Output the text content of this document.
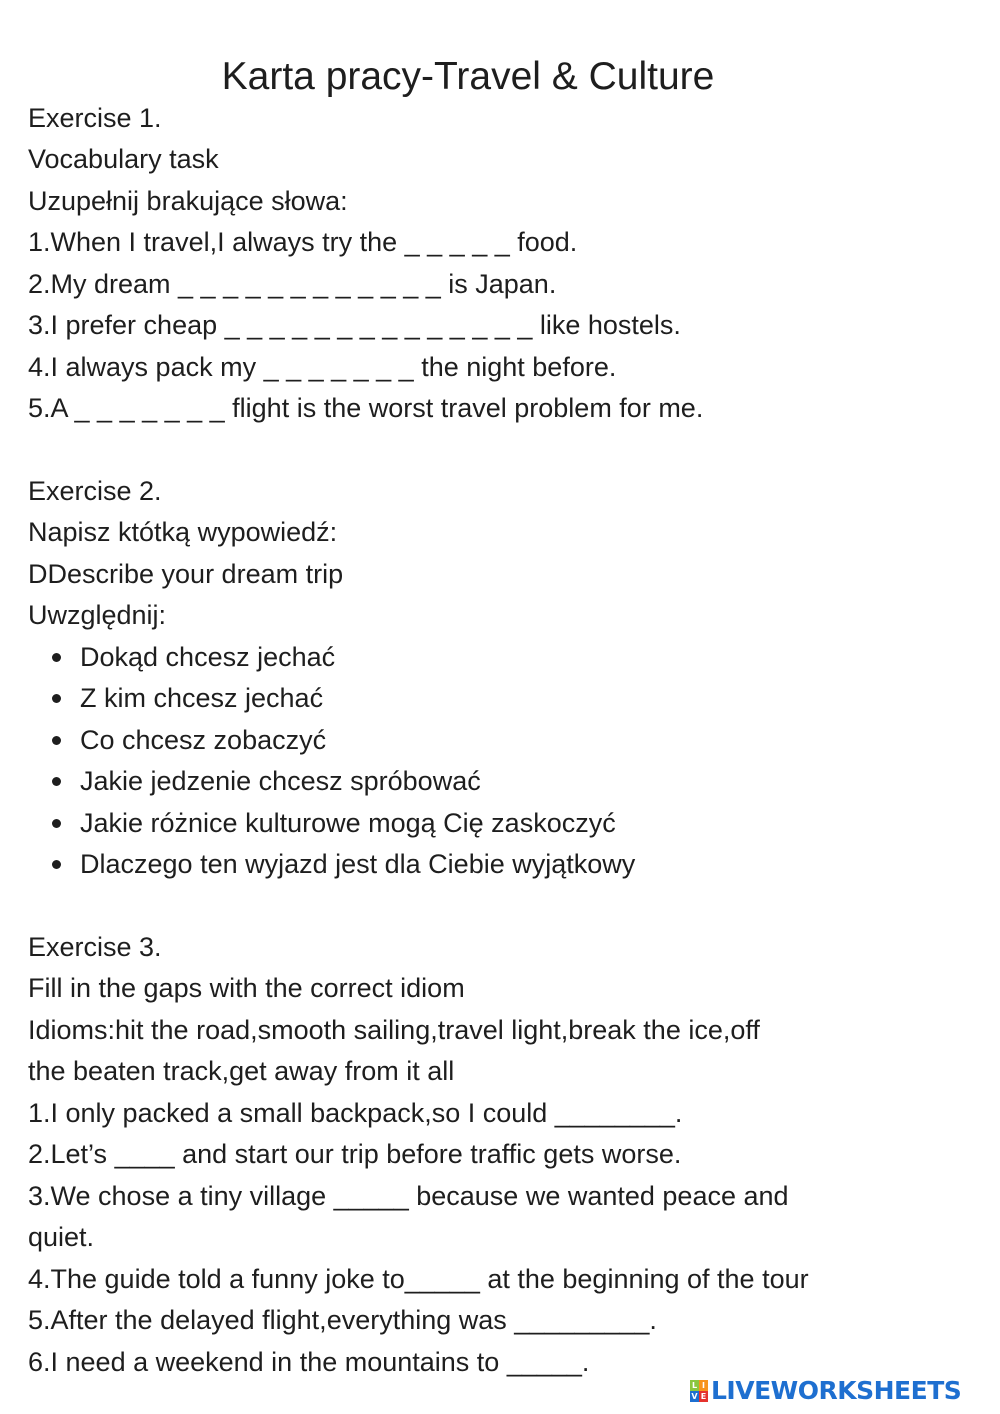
Karta pracy-Travel & Culture

Exercise 1.

Vocabulary task

Uzupełnij brakujące słowa:

1.When I travel,I always try the _ _ _ _ _ food.

2.My dream _ _ _ _ _ _ _ _ _ _ _ _ is Japan.

3.I prefer cheap _ _ _ _ _ _ _ _ _ _ _ _ _ _ like hostels.

4.I always pack my _ _ _ _ _ _ _ the night before.

5.A _ _ _ _ _ _ _ flight is the worst travel problem for me.

Exercise 2.

Napisz któtką wypowiedź:

DDescribe your dream trip

Uwzględnij:

Dokąd chcesz jechać

Z kim chcesz jechać

Co chcesz zobaczyć

Jakie jedzenie chcesz spróbować

Jakie różnice kulturowe mogą Cię zaskoczyć

Dlaczego ten wyjazd jest dla Ciebie wyjątkowy

Exercise 3.

Fill in the gaps with the correct idiom

Idioms:hit the road,smooth sailing,travel light,break the ice,off

the beaten track,get away from it all

1.I only packed a small backpack,so I could ________.

2.Let’s ____ and start our trip before traffic gets worse.

3.We chose a tiny village _____ because we wanted peace and

quiet.

4.The guide told a funny joke to_____ at the beginning of the tour

5.After the delayed flight,everything was _________.

6.I need a weekend in the mountains to _____.

L I
V E LIVEWORKSHEETS
